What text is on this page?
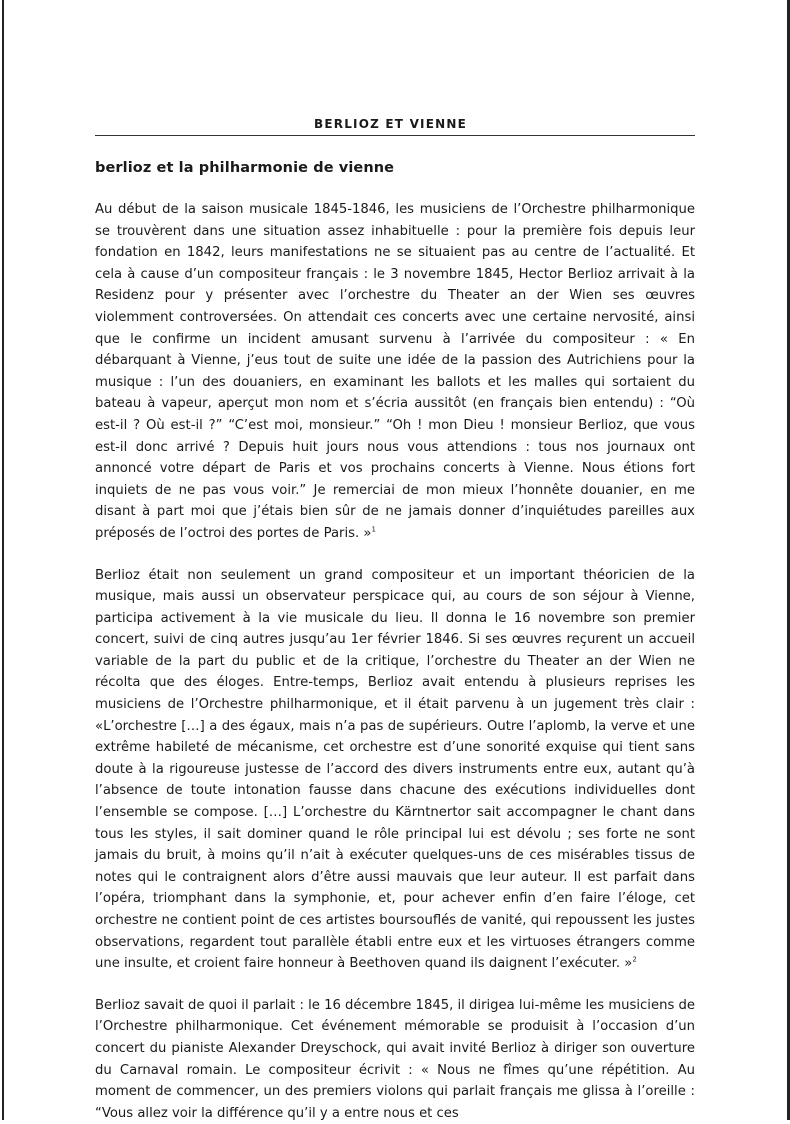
BERLIOZ ET VIENNE
berlioz et la philharmonie de vienne

Au début de la saison musicale 1845-1846, les musiciens de l’Orchestre philharmonique se trouvèrent dans une situation assez inhabituelle : pour la première fois depuis leur fondation en 1842, leurs manifestations ne se situaient pas au centre de l’actualité. Et cela à cause d’un compositeur français : le 3 novembre 1845, Hector Berlioz arrivait à la Residenz pour y présenter avec l’orchestre du Theater an der Wien ses œuvres violemment controversées. On attendait ces concerts avec une certaine nervosité, ainsi que le confirme un incident amusant survenu à l’arrivée du compositeur : « En débarquant à Vienne, j’eus tout de suite une idée de la passion des Autrichiens pour la musique : l’un des douaniers, en examinant les ballots et les malles qui sortaient du bateau à vapeur, aperçut mon nom et s’écria aussitôt (en français bien entendu) : “Où est-il ? Où est-il ?” “C’est moi, monsieur.” “Oh ! mon Dieu ! monsieur Berlioz, que vous est-il donc arrivé ? Depuis huit jours nous vous attendions : tous nos journaux ont annoncé votre départ de Paris et vos prochains concerts à Vienne. Nous étions fort inquiets de ne pas vous voir.” Je remerciai de mon mieux l’honnête douanier, en me disant à part moi que j’étais bien sûr de ne jamais donner d’inquiétudes pareilles aux préposés de l’octroi des portes de Paris. »$^1$

Berlioz était non seulement un grand compositeur et un important théoricien de la musique, mais aussi un observateur perspicace qui, au cours de son séjour à Vienne, participa activement à la vie musicale du lieu. Il donna le 16 novembre son premier concert, suivi de cinq autres jusqu’au 1er février 1846. Si ses œuvres reçurent un accueil variable de la part du public et de la critique, l’orchestre du Theater an der Wien ne récolta que des éloges. Entre-temps, Berlioz avait entendu à plusieurs reprises les musiciens de l’Orchestre philharmonique, et il était parvenu à un jugement très clair : «L’orchestre […] a des égaux, mais n’a pas de supérieurs. Outre l’aplomb, la verve et une extrême habileté de mécanisme, cet orchestre est d’une sonorité exquise qui tient sans doute à la rigoureuse justesse de l’accord des divers instruments entre eux, autant qu’à l’absence de toute intonation fausse dans chacune des exécutions individuelles dont l’ensemble se compose. […] L’orchestre du Kärntnertor sait accompagner le chant dans tous les styles, il sait dominer quand le rôle principal lui est dévolu ; ses forte ne sont jamais du bruit, à moins qu’il n’ait à exécuter quelques-uns de ces misérables tissus de notes qui le contraignent alors d’être aussi mauvais que leur auteur. Il est parfait dans l’opéra, triomphant dans la symphonie, et, pour achever enfin d’en faire l’éloge, cet orchestre ne contient point de ces artistes boursouflés de vanité, qui repoussent les justes observations, regardent tout parallèle établi entre eux et les virtuoses étrangers comme une insulte, et croient faire honneur à Beethoven quand ils daignent l’exécuter. »$^2$

Berlioz savait de quoi il parlait : le 16 décembre 1845, il dirigea lui-même les musiciens de l’Orchestre philharmonique. Cet événement mémorable se produisit à l’occasion d’un concert du pianiste Alexander Dreyschock, qui avait invité Berlioz à diriger son ouverture du Carnaval romain. Le compositeur écrivit : « Nous ne fîmes qu’une répétition. Au moment de commencer, un des premiers violons qui parlait français me glissa à l’oreille : “Vous allez voir la différence qu’il y a entre nous et ces
